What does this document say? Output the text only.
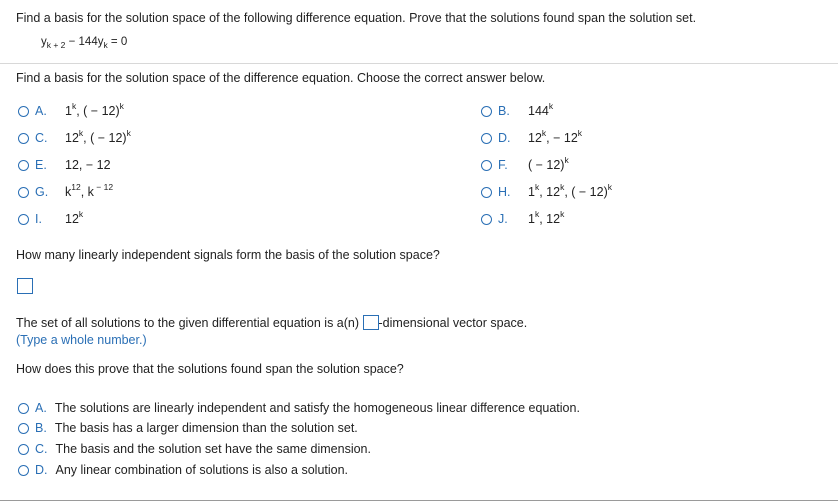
Find a basis for the solution space of the following difference equation. Prove that the solutions found span the solution set.
$y_{k + 2} - 144y_k = 0$
Find a basis for the solution space of the difference equation. Choose the correct answer below.
A.	1$^k$, ( − 12)$^k$	B.	144$^k$
C.	12$^k$, ( − 12)$^k$	D.	$12^k$, − $12^k$
E.	12, − 12	F.	( − 12)$^k$
G.	$k^{12}$, k $^{- 12}$	H.	1$^k$, 12$^k$, ( − 12)$^k$
I.	12$^k$	J.	1$^k$, 12$^k$
How many linearly independent signals form the basis of the solution space?
The set of all solutions to the given differential equation is a(n) -dimensional vector space.
(Type a whole number.)
How does this prove that the solutions found span the solution space?
A. The solutions are linearly independent and satisfy the homogeneous linear difference equation.
B. The basis has a larger dimension than the solution set.
C. The basis and the solution set have the same dimension.
D. Any linear combination of solutions is also a solution.
